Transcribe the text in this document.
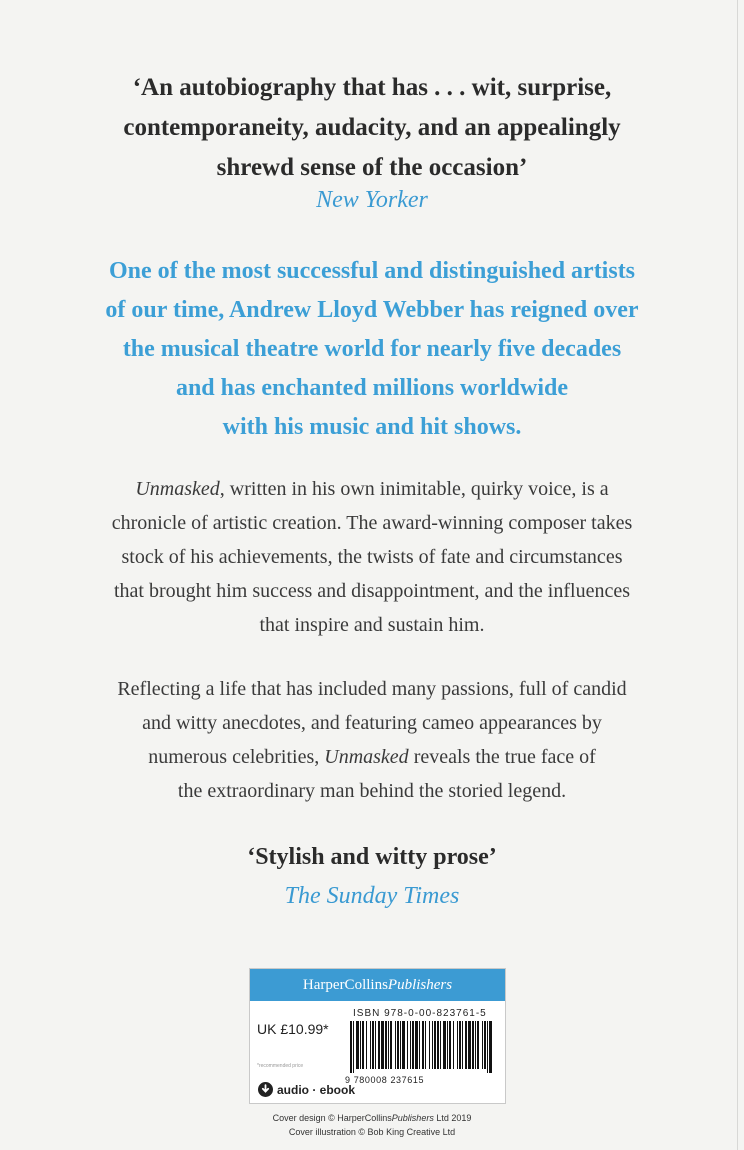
‘An autobiography that has . . . wit, surprise,
contemporaneity, audacity, and an appealingly
shrewd sense of the occasion’
New Yorker
One of the most successful and distinguished artists
of our time, Andrew Lloyd Webber has reigned over
the musical theatre world for nearly five decades
and has enchanted millions worldwide
with his music and hit shows.
Unmasked, written in his own inimitable, quirky voice, is a
chronicle of artistic creation. The award-winning composer takes
stock of his achievements, the twists of fate and circumstances
that brought him success and disappointment, and the influences
that inspire and sustain him.
Reflecting a life that has included many passions, full of candid
and witty anecdotes, and featuring cameo appearances by
numerous celebrities, Unmasked reveals the true face of
the extraordinary man behind the storied legend.
‘Stylish and witty prose’
The Sunday Times
HarperCollinsPublishers
ISBN 978-0-00-823761-5
UK £10.99*
*recommended price
9 780008 237615
audio · ebook
Cover design © HarperCollinsPublishers Ltd 2019
Cover illustration © Bob King Creative Ltd
